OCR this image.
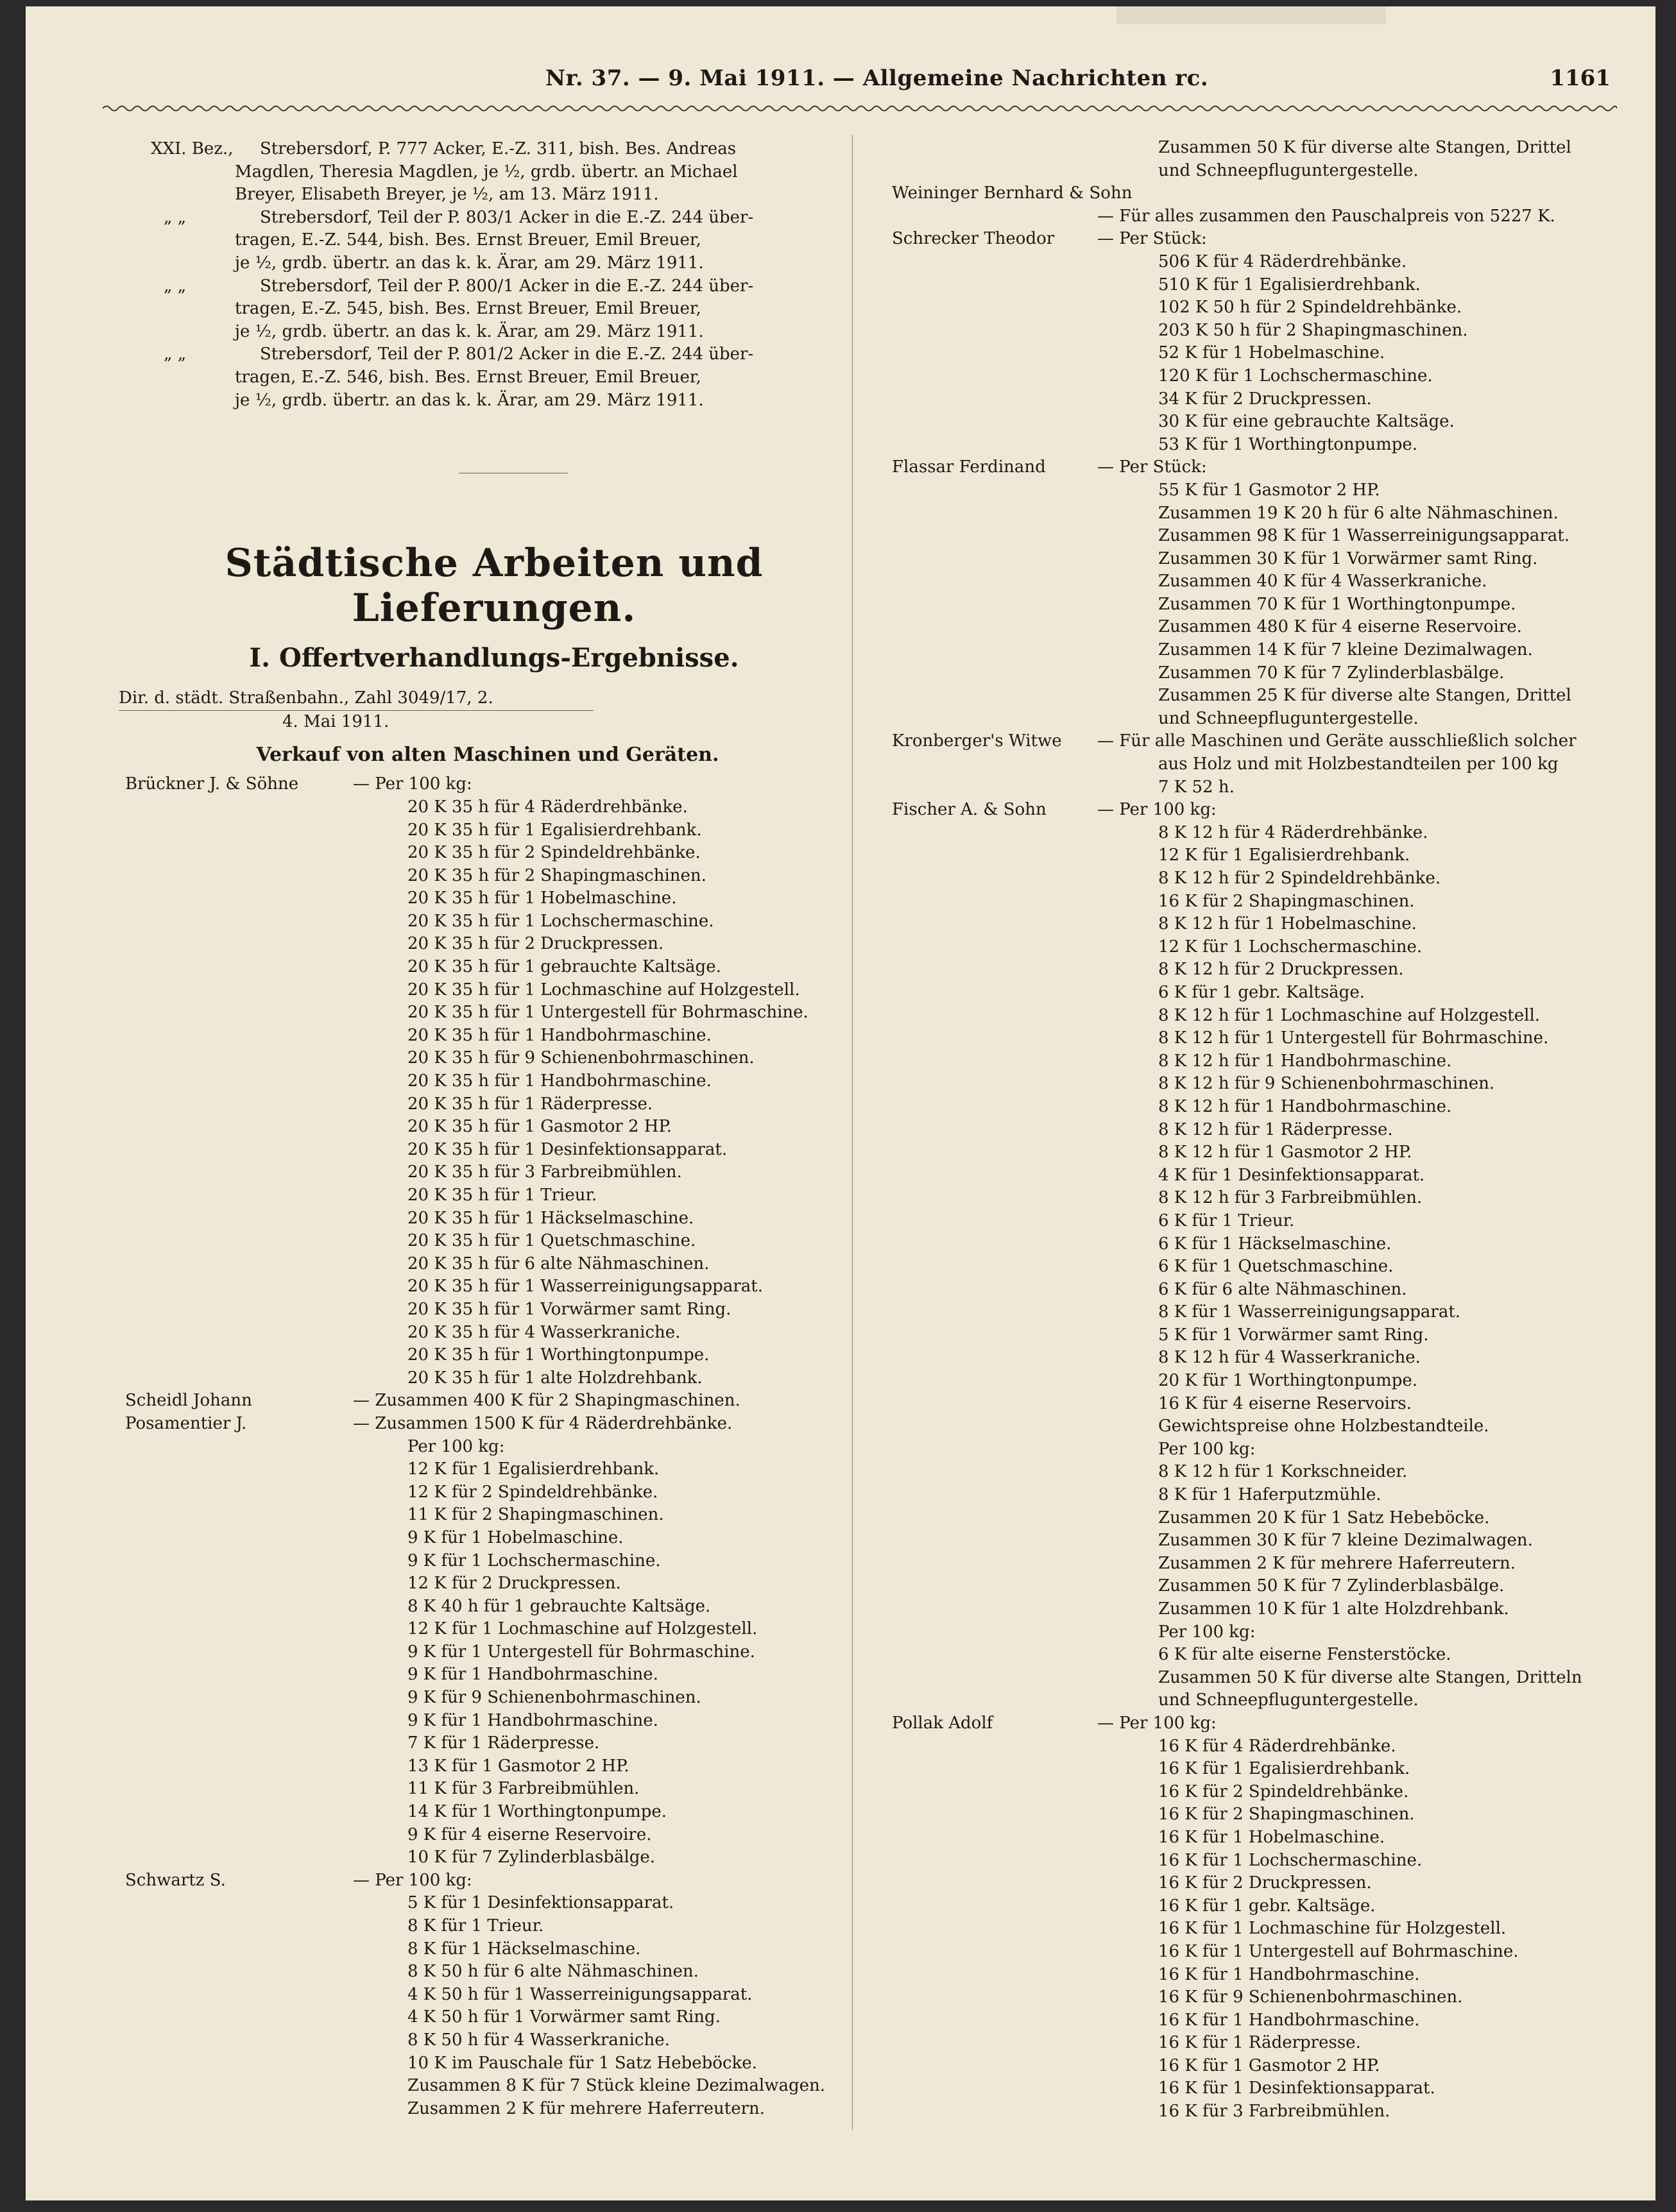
Nr. 37. — 9. Mai 1911. — Allgemeine Nachrichten rc.	1161
XXI. Bez., Strebersdorf, P. 777 Acker, E.-Z. 311, bish. Bes. Andreas
Magdlen, Theresia Magdlen, je ½, grdb. übertr. an Michael
Breyer, Elisabeth Breyer, je ½, am 13. März 1911.
„ „	Strebersdorf, Teil der P. 803/1 Acker in die E.-Z. 244 über-
tragen, E.-Z. 544, bish. Bes. Ernst Breuer, Emil Breuer,
je ½, grdb. übertr. an das k. k. Ärar, am 29. März 1911.
„ „	Strebersdorf, Teil der P. 800/1 Acker in die E.-Z. 244 über-
tragen, E.-Z. 545, bish. Bes. Ernst Breuer, Emil Breuer,
je ½, grdb. übertr. an das k. k. Ärar, am 29. März 1911.
„ „	Strebersdorf, Teil der P. 801/2 Acker in die E.-Z. 244 über-
tragen, E.-Z. 546, bish. Bes. Ernst Breuer, Emil Breuer,
je ½, grdb. übertr. an das k. k. Ärar, am 29. März 1911.
Städtische Arbeiten und Lieferungen.
I. Offertverhandlungs-Ergebnisse.
Dir. d. städt. Straßenbahn., Zahl 3049/17, 2.
4. Mai 1911.
Verkauf von alten Maschinen und Geräten.
Brückner J. & Söhne	— Per 100 kg:
20 K 35 h für 4 Räderdrehbänke.
20 K 35 h für 1 Egalisierdrehbank.
20 K 35 h für 2 Spindeldrehbänke.
20 K 35 h für 2 Shapingmaschinen.
20 K 35 h für 1 Hobelmaschine.
20 K 35 h für 1 Lochschermaschine.
20 K 35 h für 2 Druckpressen.
20 K 35 h für 1 gebrauchte Kaltsäge.
20 K 35 h für 1 Lochmaschine auf Holzgestell.
20 K 35 h für 1 Untergestell für Bohrmaschine.
20 K 35 h für 1 Handbohrmaschine.
20 K 35 h für 9 Schienenbohrmaschinen.
20 K 35 h für 1 Handbohrmaschine.
20 K 35 h für 1 Räderpresse.
20 K 35 h für 1 Gasmotor 2 HP.
20 K 35 h für 1 Desinfektionsapparat.
20 K 35 h für 3 Farbreibmühlen.
20 K 35 h für 1 Trieur.
20 K 35 h für 1 Häckselmaschine.
20 K 35 h für 1 Quetschmaschine.
20 K 35 h für 6 alte Nähmaschinen.
20 K 35 h für 1 Wasserreinigungsapparat.
20 K 35 h für 1 Vorwärmer samt Ring.
20 K 35 h für 4 Wasserkraniche.
20 K 35 h für 1 Worthingtonpumpe.
20 K 35 h für 1 alte Holzdrehbank.
Scheidl Johann	— Zusammen 400 K für 2 Shapingmaschinen.
Posamentier J.	— Zusammen 1500 K für 4 Räderdrehbänke.
Per 100 kg:
12 K für 1 Egalisierdrehbank.
12 K für 2 Spindeldrehbänke.
11 K für 2 Shapingmaschinen.
9 K für 1 Hobelmaschine.
9 K für 1 Lochschermaschine.
12 K für 2 Druckpressen.
8 K 40 h für 1 gebrauchte Kaltsäge.
12 K für 1 Lochmaschine auf Holzgestell.
9 K für 1 Untergestell für Bohrmaschine.
9 K für 1 Handbohrmaschine.
9 K für 9 Schienenbohrmaschinen.
9 K für 1 Handbohrmaschine.
7 K für 1 Räderpresse.
13 K für 1 Gasmotor 2 HP.
11 K für 3 Farbreibmühlen.
14 K für 1 Worthingtonpumpe.
9 K für 4 eiserne Reservoire.
10 K für 7 Zylinderblasbälge.
Schwartz S.	— Per 100 kg:
5 K für 1 Desinfektionsapparat.
8 K für 1 Trieur.
8 K für 1 Häckselmaschine.
8 K 50 h für 6 alte Nähmaschinen.
4 K 50 h für 1 Wasserreinigungsapparat.
4 K 50 h für 1 Vorwärmer samt Ring.
8 K 50 h für 4 Wasserkraniche.
10 K im Pauschale für 1 Satz Hebeböcke.
Zusammen 8 K für 7 Stück kleine Dezimalwagen.
Zusammen 2 K für mehrere Haferreutern.
Zusammen 50 K für diverse alte Stangen, Drittel
und Schneepfluguntergestelle.
Weininger Bernhard & Sohn
— Für alles zusammen den Pauschalpreis von 5227 K.
Schrecker Theodor	— Per Stück:
506 K für 4 Räderdrehbänke.
510 K für 1 Egalisierdrehbank.
102 K 50 h für 2 Spindeldrehbänke.
203 K 50 h für 2 Shapingmaschinen.
52 K für 1 Hobelmaschine.
120 K für 1 Lochschermaschine.
34 K für 2 Druckpressen.
30 K für eine gebrauchte Kaltsäge.
53 K für 1 Worthingtonpumpe.
Flassar Ferdinand	— Per Stück:
55 K für 1 Gasmotor 2 HP.
Zusammen 19 K 20 h für 6 alte Nähmaschinen.
Zusammen 98 K für 1 Wasserreinigungsapparat.
Zusammen 30 K für 1 Vorwärmer samt Ring.
Zusammen 40 K für 4 Wasserkraniche.
Zusammen 70 K für 1 Worthingtonpumpe.
Zusammen 480 K für 4 eiserne Reservoire.
Zusammen 14 K für 7 kleine Dezimalwagen.
Zusammen 70 K für 7 Zylinderblasbälge.
Zusammen 25 K für diverse alte Stangen, Drittel
und Schneepfluguntergestelle.
Kronberger's Witwe — Für alle Maschinen und Geräte ausschließlich solcher
aus Holz und mit Holzbestandteilen per 100 kg
7 K 52 h.
Fischer A. & Sohn	— Per 100 kg:
8 K 12 h für 4 Räderdrehbänke.
12 K für 1 Egalisierdrehbank.
8 K 12 h für 2 Spindeldrehbänke.
16 K für 2 Shapingmaschinen.
8 K 12 h für 1 Hobelmaschine.
12 K für 1 Lochschermaschine.
8 K 12 h für 2 Druckpressen.
6 K für 1 gebr. Kaltsäge.
8 K 12 h für 1 Lochmaschine auf Holzgestell.
8 K 12 h für 1 Untergestell für Bohrmaschine.
8 K 12 h für 1 Handbohrmaschine.
8 K 12 h für 9 Schienenbohrmaschinen.
8 K 12 h für 1 Handbohrmaschine.
8 K 12 h für 1 Räderpresse.
8 K 12 h für 1 Gasmotor 2 HP.
4 K für 1 Desinfektionsapparat.
8 K 12 h für 3 Farbreibmühlen.
6 K für 1 Trieur.
6 K für 1 Häckselmaschine.
6 K für 1 Quetschmaschine.
6 K für 6 alte Nähmaschinen.
8 K für 1 Wasserreinigungsapparat.
5 K für 1 Vorwärmer samt Ring.
8 K 12 h für 4 Wasserkraniche.
20 K für 1 Worthingtonpumpe.
16 K für 4 eiserne Reservoirs.
Gewichtspreise ohne Holzbestandteile.
Per 100 kg:
8 K 12 h für 1 Korkschneider.
8 K für 1 Haferputzmühle.
Zusammen 20 K für 1 Satz Hebeböcke.
Zusammen 30 K für 7 kleine Dezimalwagen.
Zusammen 2 K für mehrere Haferreutern.
Zusammen 50 K für 7 Zylinderblasbälge.
Zusammen 10 K für 1 alte Holzdrehbank.
Per 100 kg:
6 K für alte eiserne Fensterstöcke.
Zusammen 50 K für diverse alte Stangen, Dritteln
und Schneepfluguntergestelle.
Pollak Adolf	— Per 100 kg:
16 K für 4 Räderdrehbänke.
16 K für 1 Egalisierdrehbank.
16 K für 2 Spindeldrehbänke.
16 K für 2 Shapingmaschinen.
16 K für 1 Hobelmaschine.
16 K für 1 Lochschermaschine.
16 K für 2 Druckpressen.
16 K für 1 gebr. Kaltsäge.
16 K für 1 Lochmaschine für Holzgestell.
16 K für 1 Untergestell auf Bohrmaschine.
16 K für 1 Handbohrmaschine.
16 K für 9 Schienenbohrmaschinen.
16 K für 1 Handbohrmaschine.
16 K für 1 Räderpresse.
16 K für 1 Gasmotor 2 HP.
16 K für 1 Desinfektionsapparat.
16 K für 3 Farbreibmühlen.
